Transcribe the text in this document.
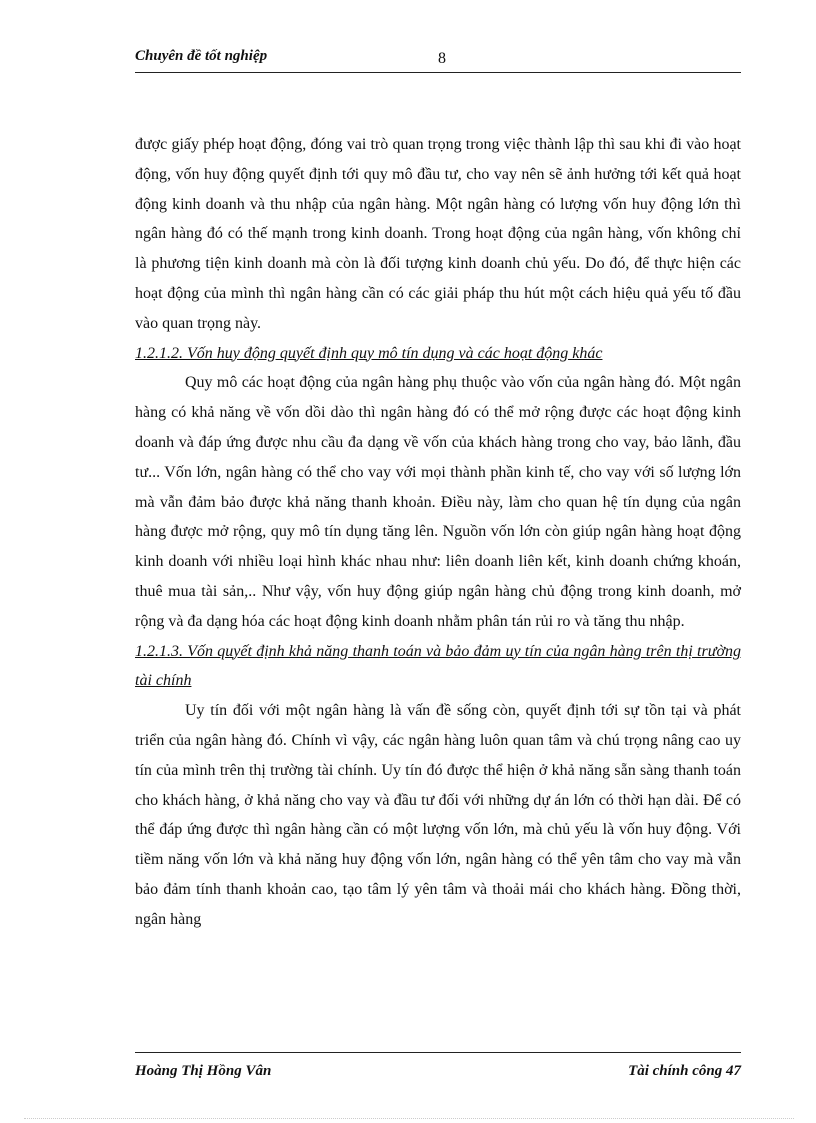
Chuyên đề tốt nghiệp	8

được giấy phép hoạt động, đóng vai trò quan trọng trong việc thành lập thì sau khi đi vào hoạt động, vốn huy động quyết định tới quy mô đầu tư, cho vay nên sẽ ảnh hưởng tới kết quả hoạt động kinh doanh và thu nhập của ngân hàng. Một ngân hàng có lượng vốn huy động lớn thì ngân hàng đó có thế mạnh trong kinh doanh. Trong hoạt động của ngân hàng, vốn không chỉ là phương tiện kinh doanh mà còn là đối tượng kinh doanh chủ yếu. Do đó, để thực hiện các hoạt động của mình thì ngân hàng cần có các giải pháp thu hút một cách hiệu quả yếu tố đầu vào quan trọng này.

1.2.1.2. Vốn huy động quyết định quy mô tín dụng và các hoạt động khác

Quy mô các hoạt động của ngân hàng phụ thuộc vào vốn của ngân hàng đó. Một ngân hàng có khả năng về vốn dồi dào thì ngân hàng đó có thể mở rộng được các hoạt động kinh doanh và đáp ứng được nhu cầu đa dạng về vốn của khách hàng trong cho vay, bảo lãnh, đầu tư... Vốn lớn, ngân hàng có thể cho vay với mọi thành phần kinh tế, cho vay với số lượng lớn mà vẫn đảm bảo được khả năng thanh khoản. Điều này, làm cho quan hệ tín dụng của ngân hàng được mở rộng, quy mô tín dụng tăng lên. Nguồn vốn lớn còn giúp ngân hàng hoạt động kinh doanh với nhiều loại hình khác nhau như: liên doanh liên kết, kinh doanh chứng khoán, thuê mua tài sản,.. Như vậy, vốn huy động giúp ngân hàng chủ động trong kinh doanh, mở rộng và đa dạng hóa các hoạt động kinh doanh nhằm phân tán rủi ro và tăng thu nhập.

1.2.1.3. Vốn quyết định khả năng thanh toán và bảo đảm uy tín của ngân hàng trên thị trường tài chính

Uy tín đối với một ngân hàng là vấn đề sống còn, quyết định tới sự tồn tại và phát triển của ngân hàng đó. Chính vì vậy, các ngân hàng luôn quan tâm và chú trọng nâng cao uy tín của mình trên thị trường tài chính. Uy tín đó được thể hiện ở khả năng sẵn sàng thanh toán cho khách hàng, ở khả năng cho vay và đầu tư đối với những dự án lớn có thời hạn dài. Để có thể đáp ứng được thì ngân hàng cần có một lượng vốn lớn, mà chủ yếu là vốn huy động. Với tiềm năng vốn lớn và khả năng huy động vốn lớn, ngân hàng có thể yên tâm cho vay mà vẫn bảo đảm tính thanh khoản cao, tạo tâm lý yên tâm và thoải mái cho khách hàng. Đồng thời, ngân hàng

Hoàng Thị Hồng Vân	Tài chính công 47
